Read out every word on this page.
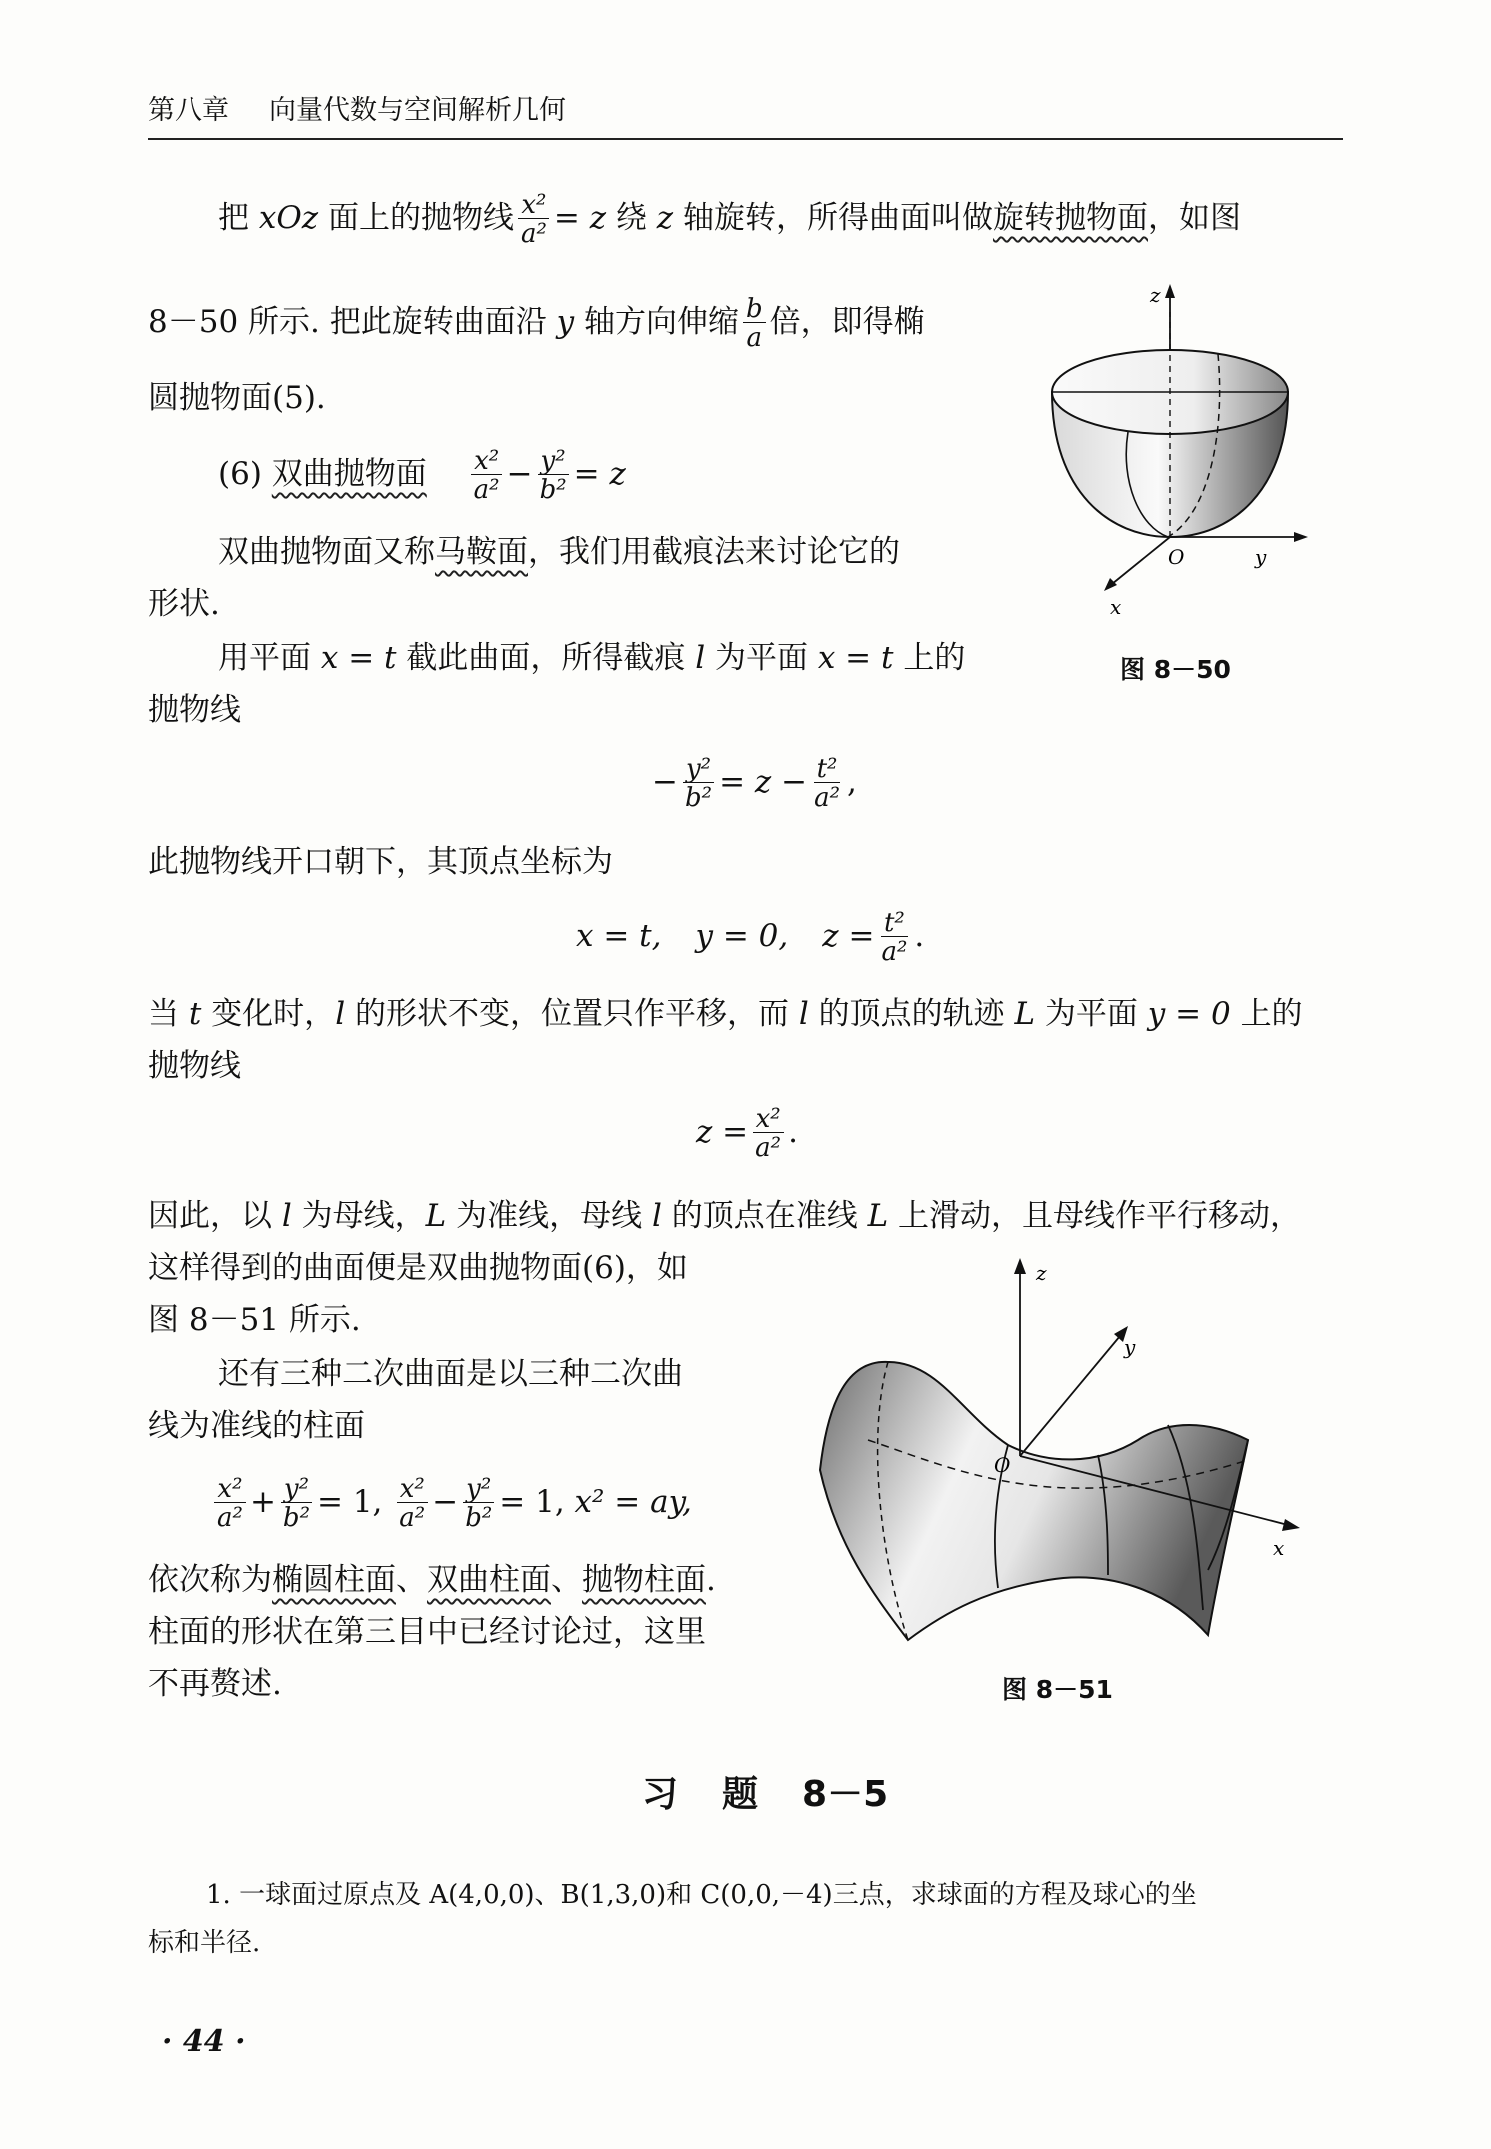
第八章 向量代数与空间解析几何
把 xOz 面上的抛物线 $\frac{\text{x²}}{\text{a²}} = z$ 绕 z 轴旋转，所得曲面叫做旋转抛物面，如图
8－50 所示. 把此旋转曲面沿 y 轴方向伸缩 $\frac{b}{a}$ 倍，即得椭
圆抛物面(5).
(6) 双曲抛物面 $\frac{\text{x²}}{\text{a²}} - \frac{\text{y²}}{\text{b²}} = z$
双曲抛物面又称马鞍面，我们用截痕法来讨论它的
形状.
用平面 x = t 截此曲面，所得截痕 l 为平面 x = t 上的
抛物线
− $\frac{\text{y²}}{\text{b²}} = z - \frac{\text{t²}}{\text{a²}}$ ,
此抛物线开口朝下，其顶点坐标为
x = t, y = 0, $z = \frac{\text{t²}}{\text{a²}}$ .
当 t 变化时，l 的形状不变，位置只作平移，而 l 的顶点的轨迹 L 为平面 y = 0 上的
抛物线
$z = \frac{\text{x²}}{\text{a²}}$ .
因此，以 l 为母线，L 为准线，母线 l 的顶点在准线 L 上滑动，且母线作平行移动，
这样得到的曲面便是双曲抛物面(6)，如
图 8－51 所示.
还有三种二次曲面是以三种二次曲
线为准线的柱面
$\frac{\text{x²}}{\text{a²}} + \frac{\text{y²}}{\text{b²}} = 1$, $\frac{\text{x²}}{\text{a²}} - \frac{\text{y²}}{\text{b²}} = 1$, x² = ay,
依次称为椭圆柱面、双曲柱面、抛物柱面.
柱面的形状在第三目中已经讨论过，这里
不再赘述.
z
y
x
O
图 8－50
z
y
x
O
图 8－51
习 题 8－5
1. 一球面过原点及 A(4,0,0)、B(1,3,0)和 C(0,0,－4)三点，求球面的方程及球心的坐
标和半径.
· 44 ·
